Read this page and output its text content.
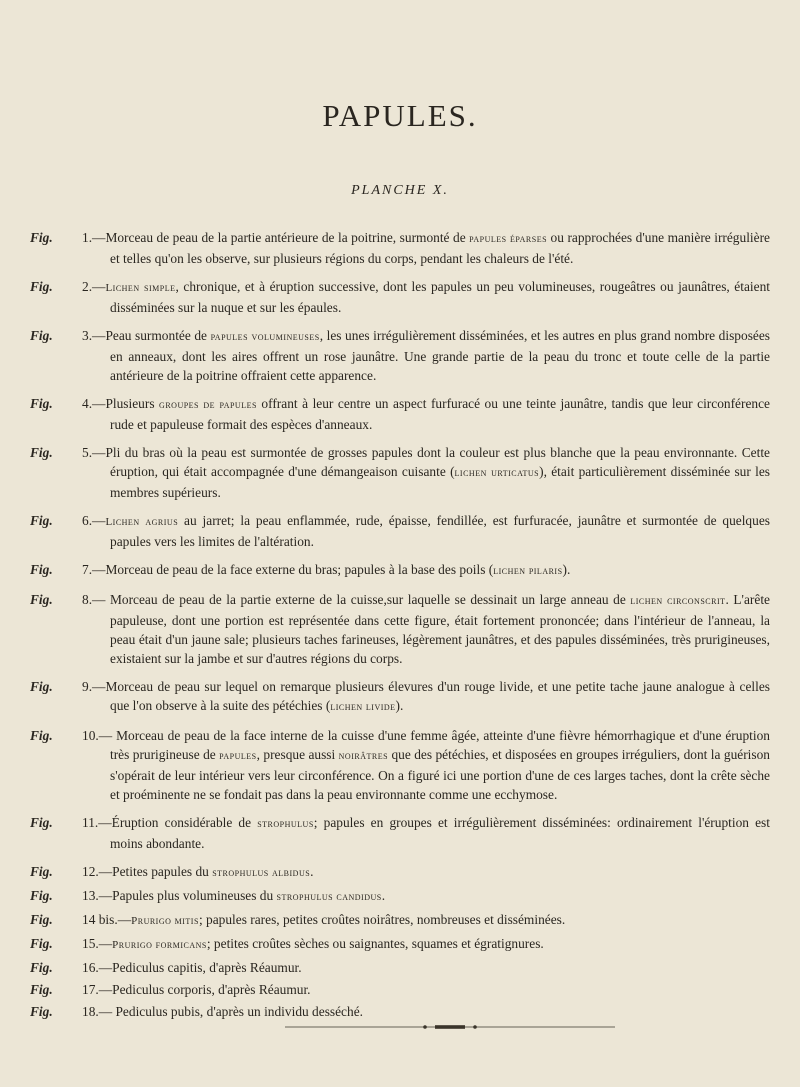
PAPULES.
PLANCHE X.
Fig. 1.—Morceau de peau de la partie antérieure de la poitrine, surmonté de papules éparses ou rapprochées d'une manière irrégulière et telles qu'on les observe, sur plusieurs régions du corps, pendant les chaleurs de l'été.
Fig. 2.—Lichen simple, chronique, et à éruption successive, dont les papules un peu volumineuses, rougeâtres ou jaunâtres, étaient disséminées sur la nuque et sur les épaules.
Fig. 3.—Peau surmontée de papules volumineuses, les unes irrégulièrement disséminées, et les autres en plus grand nombre disposées en anneaux, dont les aires offrent un rose jaunâtre. Une grande partie de la peau du tronc et toute celle de la partie antérieure de la poitrine offraient cette apparence.
Fig. 4.—Plusieurs groupes de papules offrant à leur centre un aspect furfuracé ou une teinte jaunâtre, tandis que leur circonférence rude et papuleuse formait des espèces d'anneaux.
Fig. 5.—Pli du bras où la peau est surmontée de grosses papules dont la couleur est plus blanche que la peau environnante. Cette éruption, qui était accompagnée d'une démangeaison cuisante (lichen urticatus), était particulièrement disséminée sur les membres supérieurs.
Fig. 6.—Lichen agrius au jarret; la peau enflammée, rude, épaisse, fendillée, est furfuracée, jaunâtre et surmontée de quelques papules vers les limites de l'altération.
Fig. 7.—Morceau de peau de la face externe du bras; papules à la base des poils (lichen pilaris).
Fig. 8.— Morceau de peau de la partie externe de la cuisse,sur laquelle se dessinait un large anneau de lichen circonscrit. L'arête papuleuse, dont une portion est représentée dans cette figure, était fortement prononcée; dans l'intérieur de l'anneau, la peau était d'un jaune sale; plusieurs taches farineuses, légèrement jaunâtres, et des papules disséminées, très prurigineuses, existaient sur la jambe et sur d'autres régions du corps.
Fig. 9.—Morceau de peau sur lequel on remarque plusieurs élevures d'un rouge livide, et une petite tache jaune analogue à celles que l'on observe à la suite des pétéchies (lichen livide).
Fig. 10.— Morceau de peau de la face interne de la cuisse d'une femme âgée, atteinte d'une fièvre hémorrhagique et d'une éruption très prurigineuse de papules, presque aussi noirâtres que des pétéchies, et disposées en groupes irréguliers, dont la guérison s'opérait de leur intérieur vers leur circonférence. On a figuré ici une portion d'une de ces larges taches, dont la crête sèche et proéminente ne se fondait pas dans la peau environnante comme une ecchymose.
Fig. 11.—Éruption considérable de strophulus; papules en groupes et irrégulièrement disséminées: ordinairement l'éruption est moins abondante.
Fig. 12.—Petites papules du strophulus albidus.
Fig. 13.—Papules plus volumineuses du strophulus candidus.
Fig. 14 bis.—Prurigo mitis; papules rares, petites croûtes noirâtres, nombreuses et disséminées.
Fig. 15.—Prurigo formicans; petites croûtes sèches ou saignantes, squames et égratignures.
Fig. 16.—Pediculus capitis, d'après Réaumur.
Fig. 17.—Pediculus corporis, d'après Réaumur.
Fig. 18.— Pediculus pubis, d'après un individu desséché.
